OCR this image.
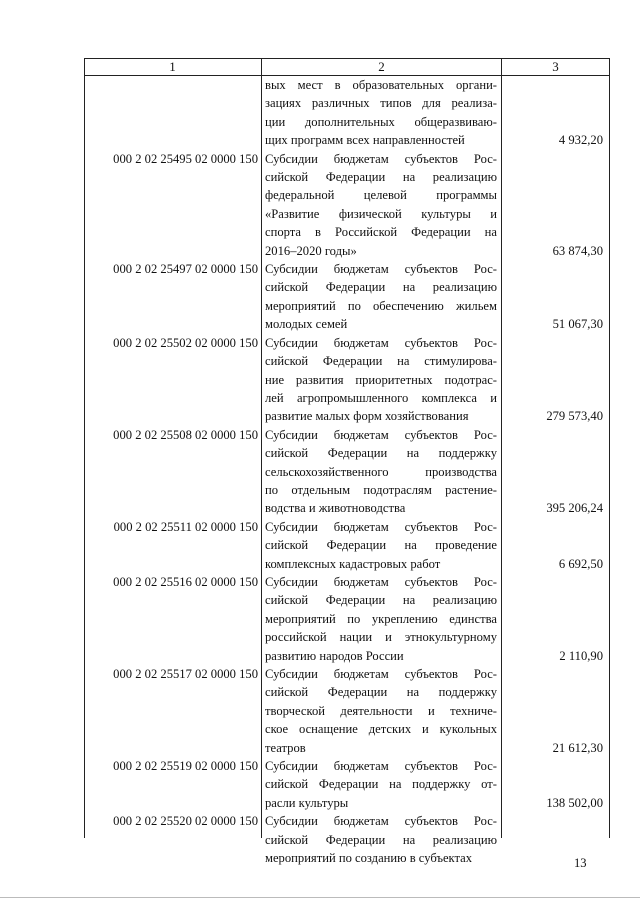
1	2	3
вых мест в образовательных органи-
зациях различных типов для реализа-
ции дополнительных общеразвиваю-
щих программ всех направленностей	4 932,20
000 2 02 25495 02 0000 150 Субсидии бюджетам субъектов Рос-
сийской Федерации на реализацию
федеральной целевой программы
«Развитие физической культуры и
спорта в Российской Федерации на
2016–2020 годы»	63 874,30
000 2 02 25497 02 0000 150 Субсидии бюджетам субъектов Рос-
сийской Федерации на реализацию
мероприятий по обеспечению жильем
молодых семей	51 067,30
000 2 02 25502 02 0000 150 Субсидии бюджетам субъектов Рос-
сийской Федерации на стимулирова-
ние развития приоритетных подотрас-
лей агропромышленного комплекса и
развитие малых форм хозяйствования	279 573,40
000 2 02 25508 02 0000 150 Субсидии бюджетам субъектов Рос-
сийской Федерации на поддержку
сельскохозяйственного производства
по отдельным подотраслям растение-
водства и животноводства	395 206,24
000 2 02 25511 02 0000 150 Субсидии бюджетам субъектов Рос-
сийской Федерации на проведение
комплексных кадастровых работ	6 692,50
000 2 02 25516 02 0000 150 Субсидии бюджетам субъектов Рос-
сийской Федерации на реализацию
мероприятий по укреплению единства
российской нации и этнокультурному
развитию народов России	2 110,90
000 2 02 25517 02 0000 150 Субсидии бюджетам субъектов Рос-
сийской Федерации на поддержку
творческой деятельности и техниче-
ское оснащение детских и кукольных
театров	21 612,30
000 2 02 25519 02 0000 150 Субсидии бюджетам субъектов Рос-
сийской Федерации на поддержку от-
расли культуры	138 502,00
000 2 02 25520 02 0000 150 Субсидии бюджетам субъектов Рос-
сийской Федерации на реализацию
мероприятий по созданию в субъектах	13
